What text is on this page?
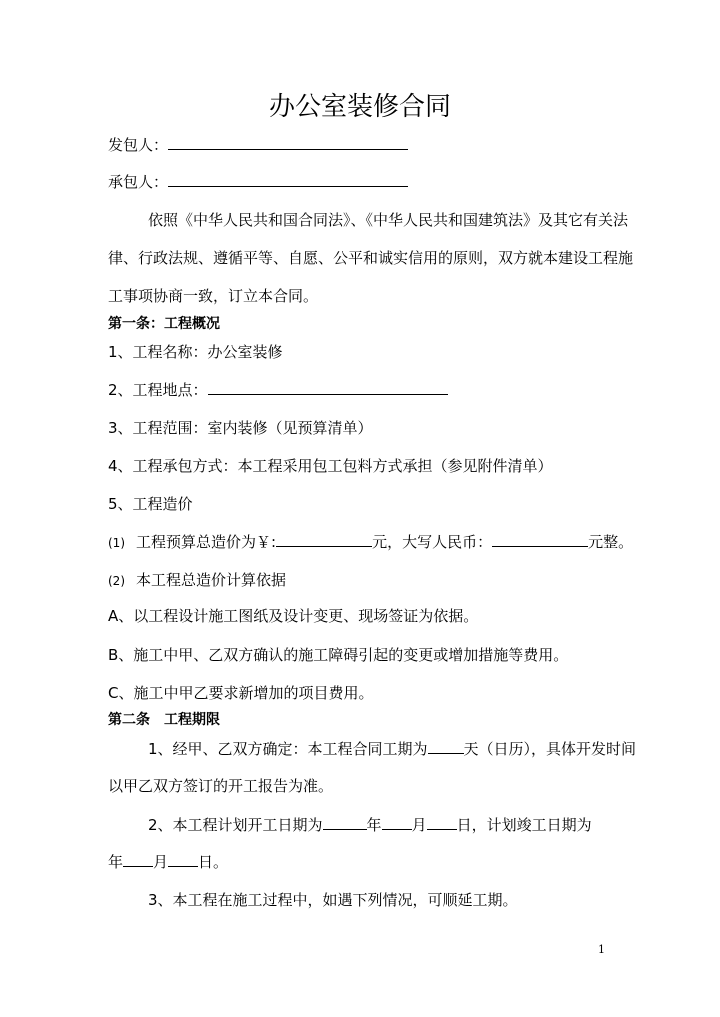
办公室装修合同
发包人：
承包人：
依照《中华人民共和国合同法》、《中华人民共和国建筑法》及其它有关法
律、行政法规、遵循平等、自愿、公平和诚实信用的原则，双方就本建设工程施
工事项协商一致，订立本合同。
第一条：工程概况
1、工程名称：办公室装修
2、工程地点：
3、工程范围：室内装修（见预算清单）
4、工程承包方式：本工程采用包工包料方式承担（参见附件清单）
5、工程造价
(1) 工程预算总造价为￥:	元，大写人民币：	元整。
(2) 本工程总造价计算依据
A、以工程设计施工图纸及设计变更、现场签证为依据。
B、施工中甲、乙双方确认的施工障碍引起的变更或增加措施等费用。
C、施工中甲乙要求新增加的项目费用。
第二条　工程期限
1、经甲、乙双方确定：本工程合同工期为 天（日历），具体开发时间
以甲乙双方签订的开工报告为准。
2、本工程计划开工日期为	年 月 日，计划竣工日期为
年 月 日。
3、本工程在施工过程中，如遇下列情况，可顺延工期。
1
